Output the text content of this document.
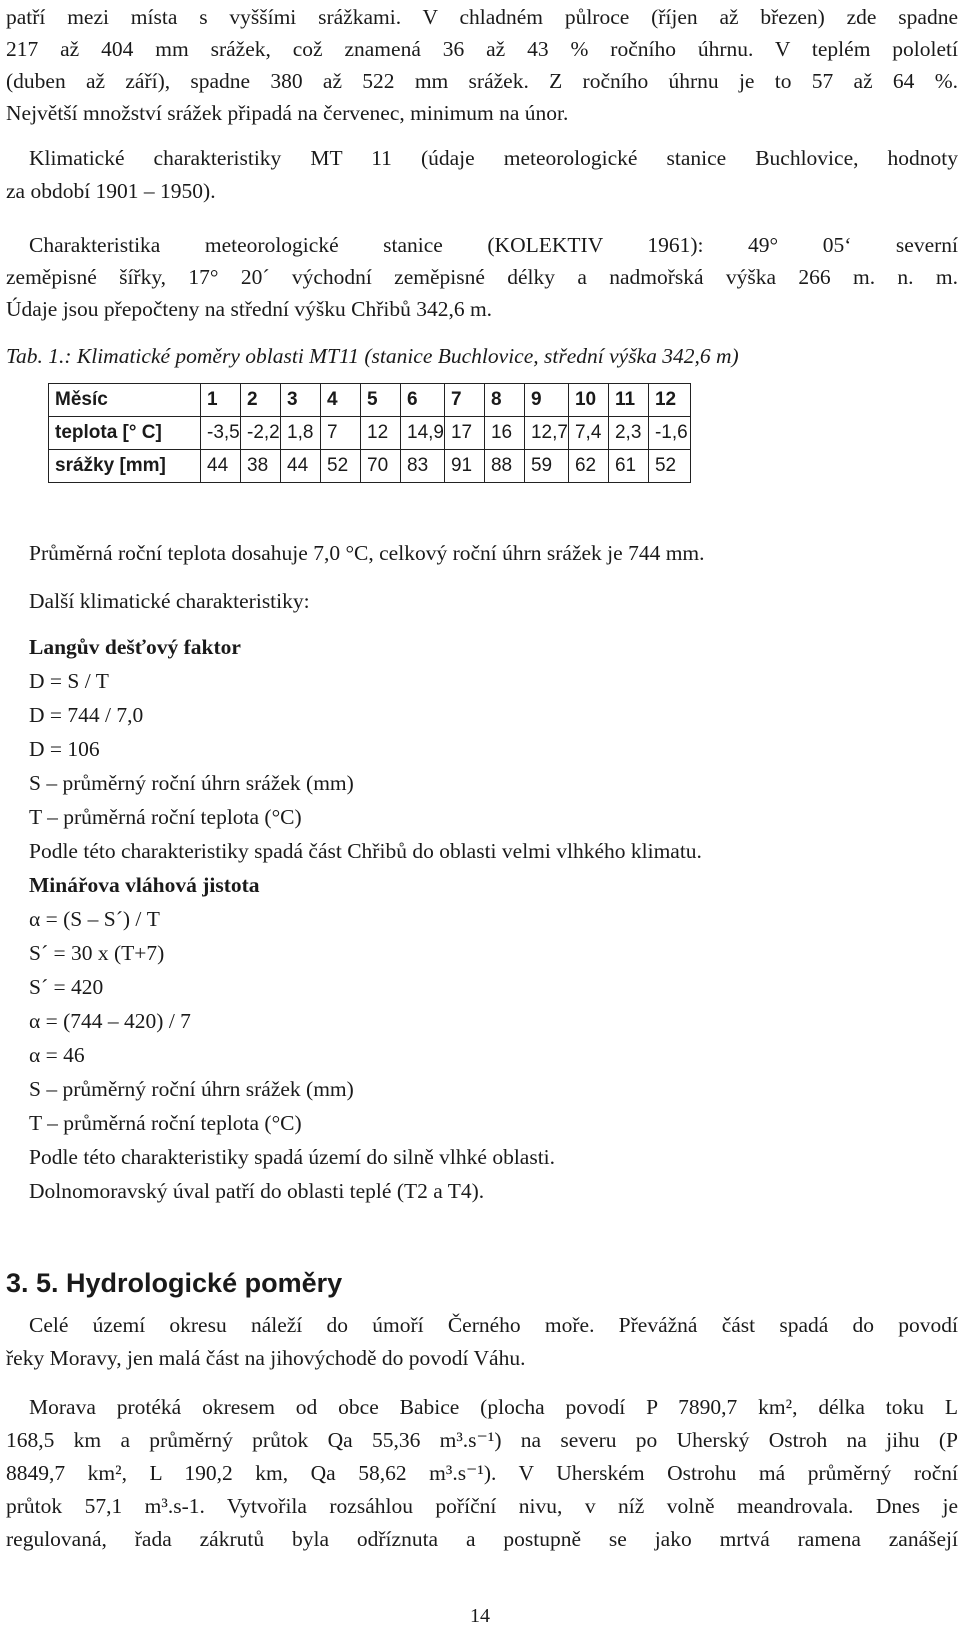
patří mezi místa s vyššími srážkami. V chladném půlroce (říjen až březen) zde spadne
217 až 404 mm srážek, což znamená 36 až 43 % ročního úhrnu. V teplém pololetí
(duben až září), spadne 380 až 522 mm srážek. Z ročního úhrnu je to 57 až 64 %.
Největší množství srážek připadá na červenec, minimum na únor.
Klimatické charakteristiky MT 11 (údaje meteorologické stanice Buchlovice, hodnoty
za období 1901 – 1950).
Charakteristika meteorologické stanice (KOLEKTIV 1961): 49° 05‘ severní
zeměpisné šířky, 17° 20´ východní zeměpisné délky a nadmořská výška 266 m. n. m.
Údaje jsou přepočteny na střední výšku Chřibů 342,6 m.
Tab. 1.: Klimatické poměry oblasti MT11 (stanice Buchlovice, střední výška 342,6 m)
Měsíc	1	2	3	4	5	6	7	8	9	10	11	12
teplota [° C]	-3,5	-2,2	1,8	7	12	14,9	17	16	12,7	7,4	2,3	-1,6
srážky [mm]	44	38	44	52	70	83	91	88	59	62	61	52
Průměrná roční teplota dosahuje 7,0 °C, celkový roční úhrn srážek je 744 mm.
Další klimatické charakteristiky:
Langův dešťový faktor
D = S / T
D = 744 / 7,0
D = 106
S – průměrný roční úhrn srážek (mm)
T – průměrná roční teplota (°C)
Podle této charakteristiky spadá část Chřibů do oblasti velmi vlhkého klimatu.
Minářova vláhová jistota
α = (S – S´) / T
S´ = 30 x (T+7)
S´ = 420
α = (744 – 420) / 7
α = 46
S – průměrný roční úhrn srážek (mm)
T – průměrná roční teplota (°C)
Podle této charakteristiky spadá území do silně vlhké oblasti.
Dolnomoravský úval patří do oblasti teplé (T2 a T4).
3. 5. Hydrologické poměry
Celé území okresu náleží do úmoří Černého moře. Převážná část spadá do povodí
řeky Moravy, jen malá část na jihovýchodě do povodí Váhu.
Morava protéká okresem od obce Babice (plocha povodí P 7890,7 km², délka toku L
168,5 km a průměrný průtok Qa 55,36 m³.s⁻¹) na severu po Uherský Ostroh na jihu (P
8849,7 km², L 190,2 km, Qa 58,62 m³.s⁻¹). V Uherském Ostrohu má průměrný roční
průtok 57,1 m³.s-1. Vytvořila rozsáhlou poříční nivu, v níž volně meandrovala. Dnes je
regulovaná, řada zákrutů byla odříznuta a postupně se jako mrtvá ramena zanášejí
14
